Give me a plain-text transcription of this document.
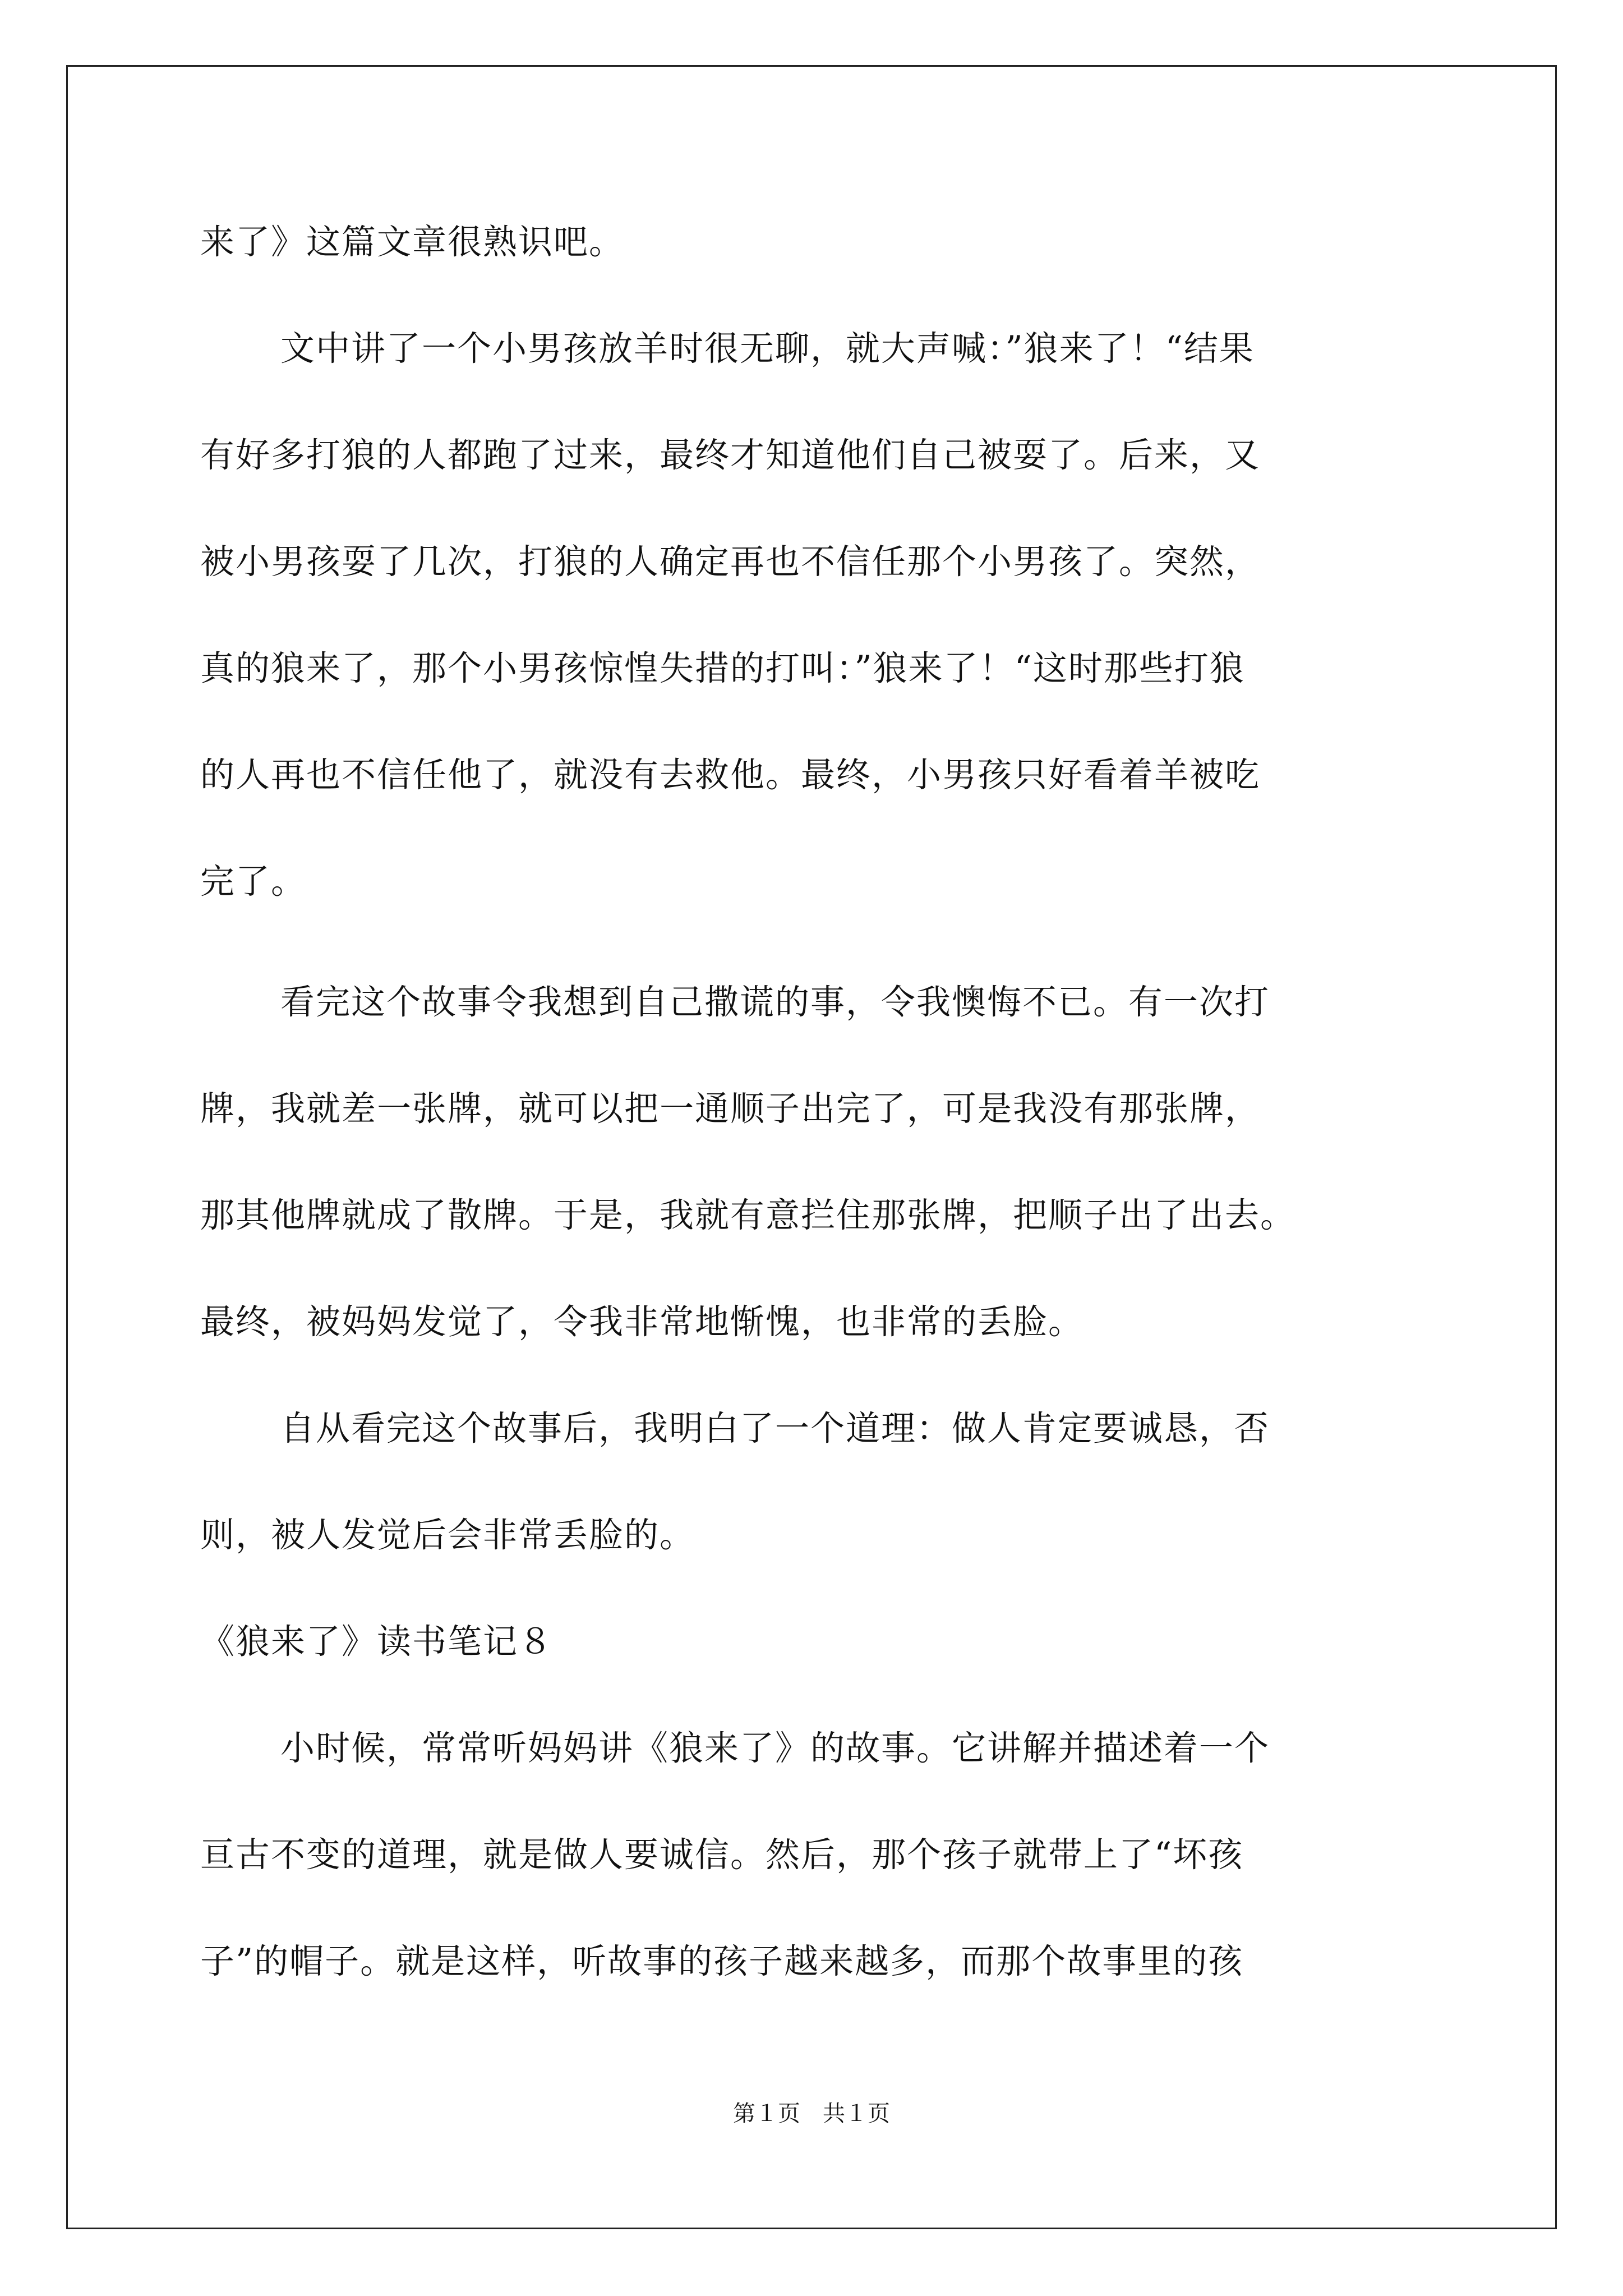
来了》这篇文章很熟识吧。
文中讲了一个小男孩放羊时很无聊，就大声喊：”狼来了！“结果
有好多打狼的人都跑了过来，最终才知道他们自己被耍了。后来，又
被小男孩耍了几次，打狼的人确定再也不信任那个小男孩了。突然，
真的狼来了，那个小男孩惊惶失措的打叫：”狼来了！“这时那些打狼
的人再也不信任他了，就没有去救他。最终，小男孩只好看着羊被吃
完了。
看完这个故事令我想到自己撒谎的事，令我懊悔不已。有一次打
牌，我就差一张牌，就可以把一通顺子出完了，可是我没有那张牌，
那其他牌就成了散牌。于是，我就有意拦住那张牌，把顺子出了出去。
最终，被妈妈发觉了，令我非常地惭愧，也非常的丢脸。
自从看完这个故事后，我明白了一个道理：做人肯定要诚恳，否
则，被人发觉后会非常丢脸的。
《狼来了》读书笔记８
小时候，常常听妈妈讲《狼来了》的故事。它讲解并描述着一个
亘古不变的道理，就是做人要诚信。然后，那个孩子就带上了“坏孩
子”的帽子。就是这样，听故事的孩子越来越多，而那个故事里的孩
第１页　共１页
